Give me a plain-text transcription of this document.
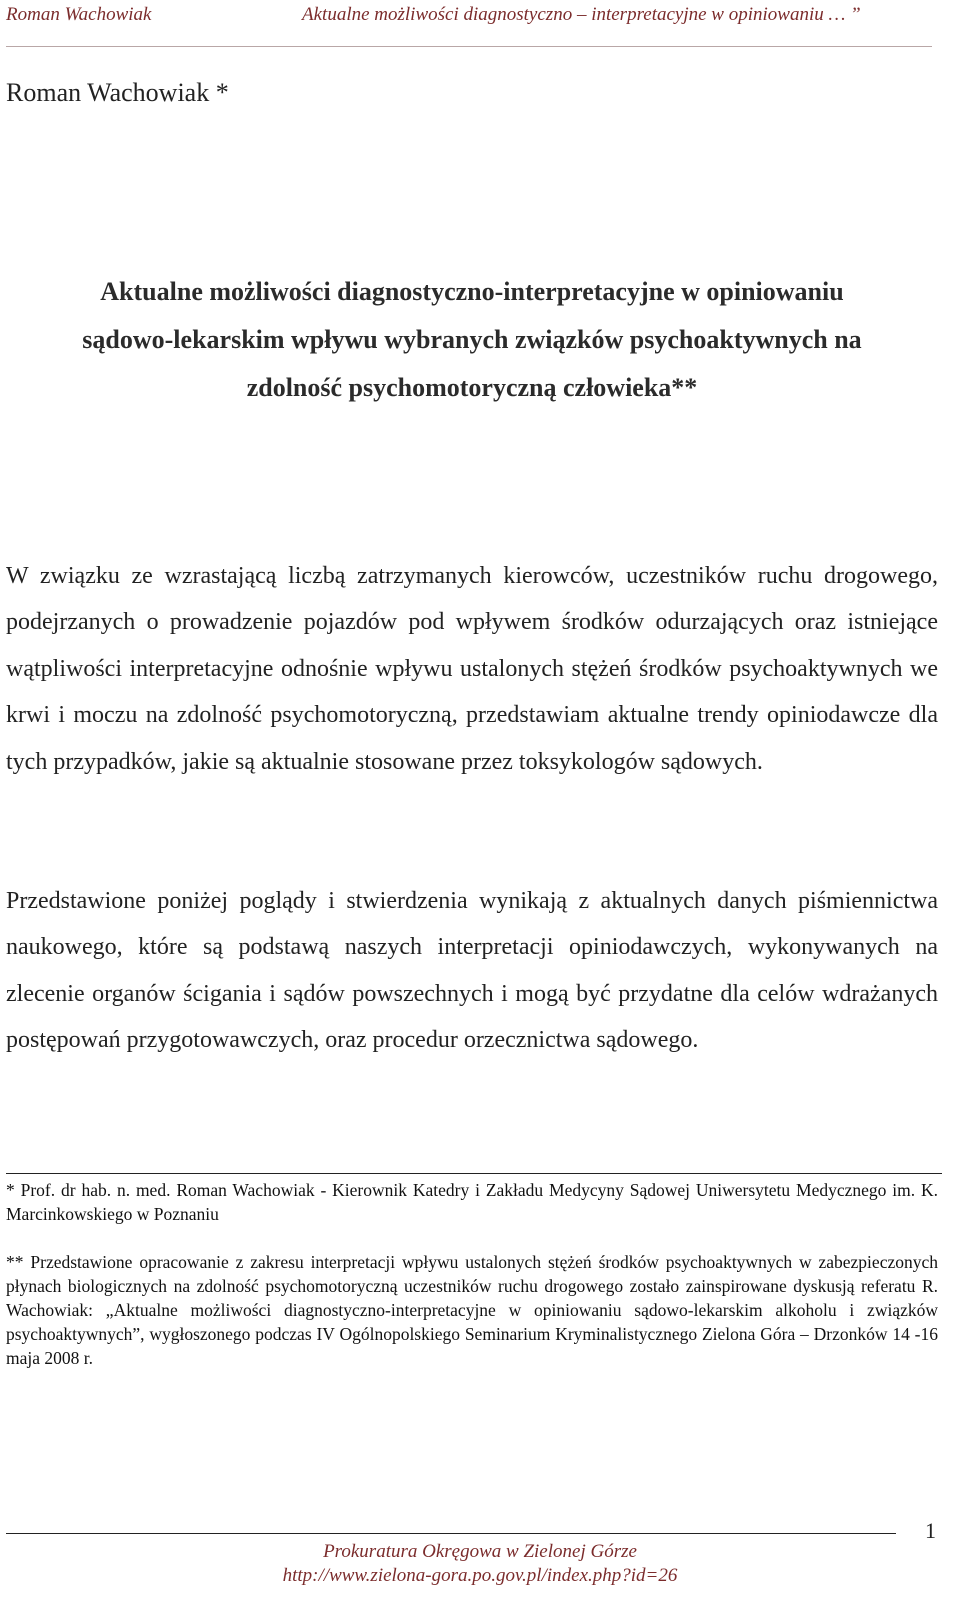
Roman Wachowiak	Aktualne możliwości diagnostyczno – interpretacyjne w opiniowaniu … ”
Roman Wachowiak *
Aktualne możliwości diagnostyczno-interpretacyjne w opiniowaniu
sądowo-lekarskim wpływu wybranych związków psychoaktywnych na
zdolność psychomotoryczną człowieka**
W związku ze wzrastającą liczbą zatrzymanych kierowców, uczestników ruchu drogowego, podejrzanych o prowadzenie pojazdów pod wpływem środków odurzających oraz istniejące wątpliwości interpretacyjne odnośnie wpływu ustalonych stężeń środków psychoaktywnych we krwi i moczu na zdolność psychomotoryczną, przedstawiam aktualne trendy opiniodawcze dla tych przypadków, jakie są aktualnie stosowane przez toksykologów sądowych.
Przedstawione poniżej poglądy i stwierdzenia wynikają z aktualnych danych piśmiennictwa naukowego, które są podstawą naszych interpretacji opiniodawczych, wykonywanych na zlecenie organów ścigania i sądów powszechnych i mogą być przydatne dla celów wdrażanych postępowań przygotowawczych, oraz procedur orzecznictwa sądowego.
* Prof. dr hab. n. med. Roman Wachowiak - Kierownik Katedry i Zakładu Medycyny Sądowej Uniwersytetu Medycznego im. K. Marcinkowskiego w Poznaniu
** Przedstawione opracowanie z zakresu interpretacji wpływu ustalonych stężeń środków psychoaktywnych w zabezpieczonych płynach biologicznych na zdolność psychomotoryczną uczestników ruchu drogowego zostało zainspirowane dyskusją referatu R. Wachowiak: „Aktualne możliwości diagnostyczno-interpretacyjne w opiniowaniu sądowo-lekarskim alkoholu i związków psychoaktywnych”, wygłoszonego podczas IV Ogólnopolskiego Seminarium Kryminalistycznego Zielona Góra – Drzonków 14 -16 maja 2008 r.
1
Prokuratura Okręgowa w Zielonej Górze
http://www.zielona-gora.po.gov.pl/index.php?id=26
